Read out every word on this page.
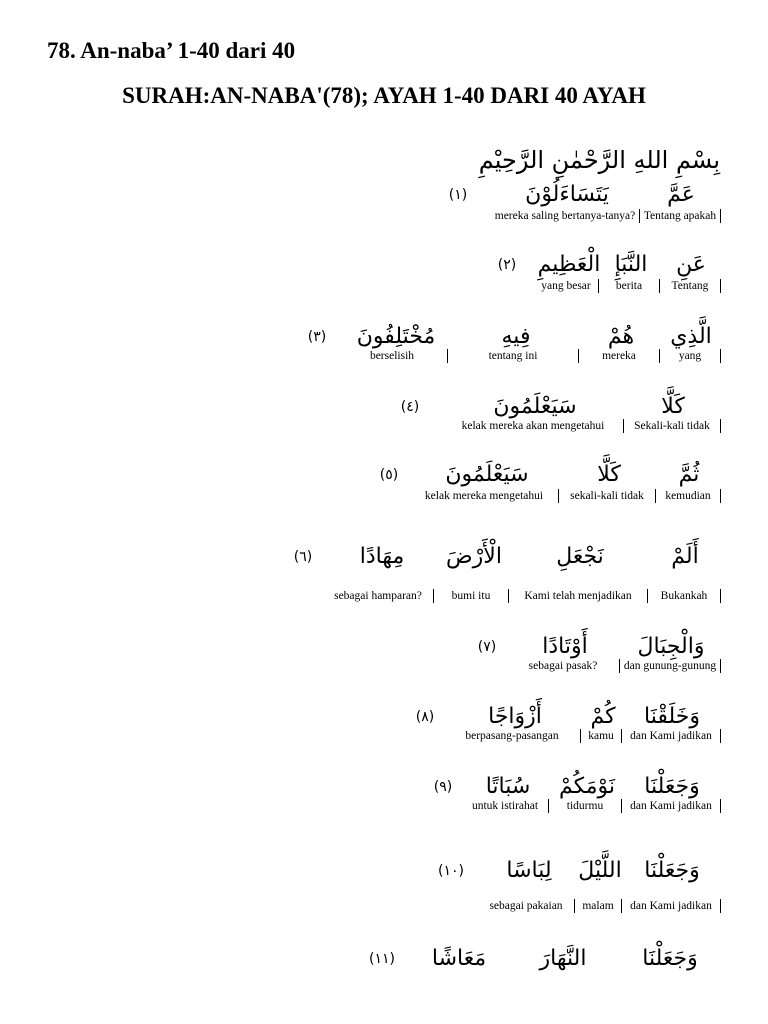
78. An-naba’ 1-40 dari 40
SURAH:AN-NABA'(78); AYAH 1-40 DARI 40 AYAH
بِسْمِ اللهِ الرَّحْمٰنِ الرَّحِيْمِ
عَمَّ
يَتَسَاءَلُوْنَ
(١)
Tentang apakah
mereka saling bertanya-tanya?
عَنِ
النَّبَإِ
الْعَظِيمِ
(٢)
Tentang
berita
yang besar
الَّذِي
هُمْ
فِيهِ
مُخْتَلِفُونَ
(٣)
yang
mereka
tentang ini
berselisih
كَلَّا
سَيَعْلَمُونَ
(٤)
Sekali-kali tidak
kelak mereka akan mengetahui
ثُمَّ
كَلَّا
سَيَعْلَمُونَ
(٥)
kemudian
sekali-kali tidak
kelak mereka mengetahui
أَلَمْ
نَجْعَلِ
الْأَرْضَ
مِهَادًا
(٦)
Bukankah
Kami telah menjadikan
bumi itu
sebagai hamparan?
وَالْجِبَالَ
أَوْتَادًا
(٧)
dan gunung-gunung
sebagai pasak?
وَخَلَقْنَا
كُمْ
أَزْوَاجًا
(٨)
dan Kami jadikan
kamu
berpasang-pasangan
وَجَعَلْنَا
نَوْمَكُمْ
سُبَاتًا
(٩)
dan Kami jadikan
tidurmu
untuk istirahat
وَجَعَلْنَا
اللَّيْلَ
لِبَاسًا
(١٠)
dan Kami jadikan
malam
sebagai pakaian
وَجَعَلْنَا
النَّهَارَ
مَعَاشًا
(١١)
